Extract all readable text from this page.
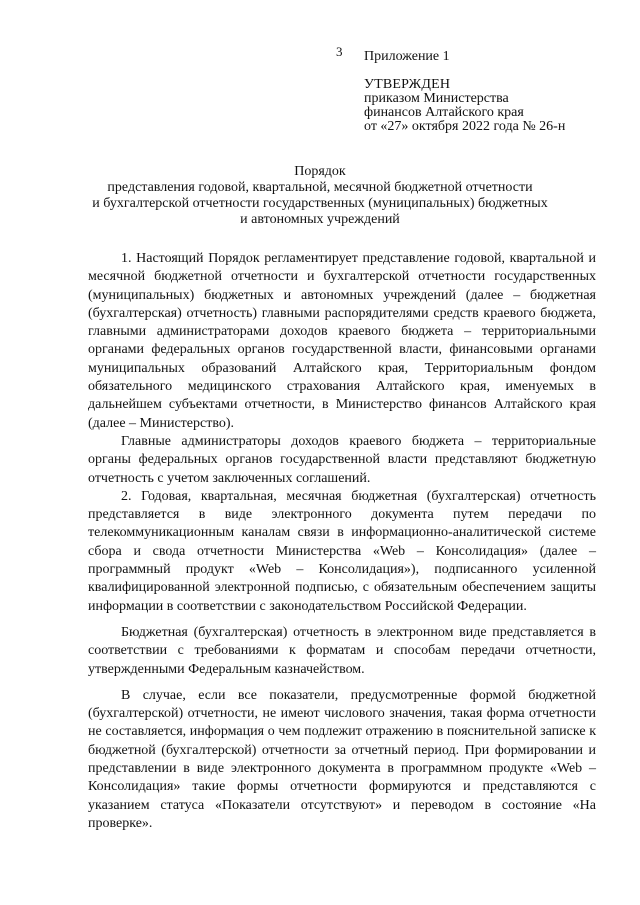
3 Приложение 1
УТВЕРЖДЕН
приказом Министерства
финансов Алтайского края
от «27» октября 2022 года № 26-н
Порядок
представления годовой, квартальной, месячной бюджетной отчетности
и бухгалтерской отчетности государственных (муниципальных) бюджетных
и автономных учреждений

1. Настоящий Порядок регламентирует представление годовой, квартальной и месячной бюджетной отчетности и бухгалтерской отчетности государственных (муниципальных) бюджетных и автономных учреждений (далее – бюджетная (бухгалтерская) отчетность) главными распорядителями средств краевого бюджета, главными администраторами доходов краевого бюджета – территориальными органами федеральных органов государственной власти, финансовыми органами муниципальных образований Алтайского края, Территориальным фондом обязательного медицинского страхования Алтайского края, именуемых в дальнейшем субъектами отчетности, в Министерство финансов Алтайского края (далее – Министерство).

Главные администраторы доходов краевого бюджета – территориальные органы федеральных органов государственной власти представляют бюджетную отчетность с учетом заключенных соглашений.

2. Годовая, квартальная, месячная бюджетная (бухгалтерская) отчетность представляется в виде электронного документа путем передачи по телекоммуникационным каналам связи в информационно-аналитической системе сбора и свода отчетности Министерства «Web – Консолидация» (далее – программный продукт «Web – Консолидация»), подписанного усиленной квалифицированной электронной подписью, с обязательным обеспечением защиты информации в соответствии с законодательством Российской Федерации.

Бюджетная (бухгалтерская) отчетность в электронном виде представляется в соответствии с требованиями к форматам и способам передачи отчетности, утвержденными Федеральным казначейством.

В случае, если все показатели, предусмотренные формой бюджетной (бухгалтерской) отчетности, не имеют числового значения, такая форма отчетности не составляется, информация о чем подлежит отражению в пояснительной записке к бюджетной (бухгалтерской) отчетности за отчетный период. При формировании и представлении в виде электронного документа в программном продукте «Web – Консолидация» такие формы отчетности формируются и представляются с указанием статуса «Показатели отсутствуют» и переводом в состояние «На проверке».
